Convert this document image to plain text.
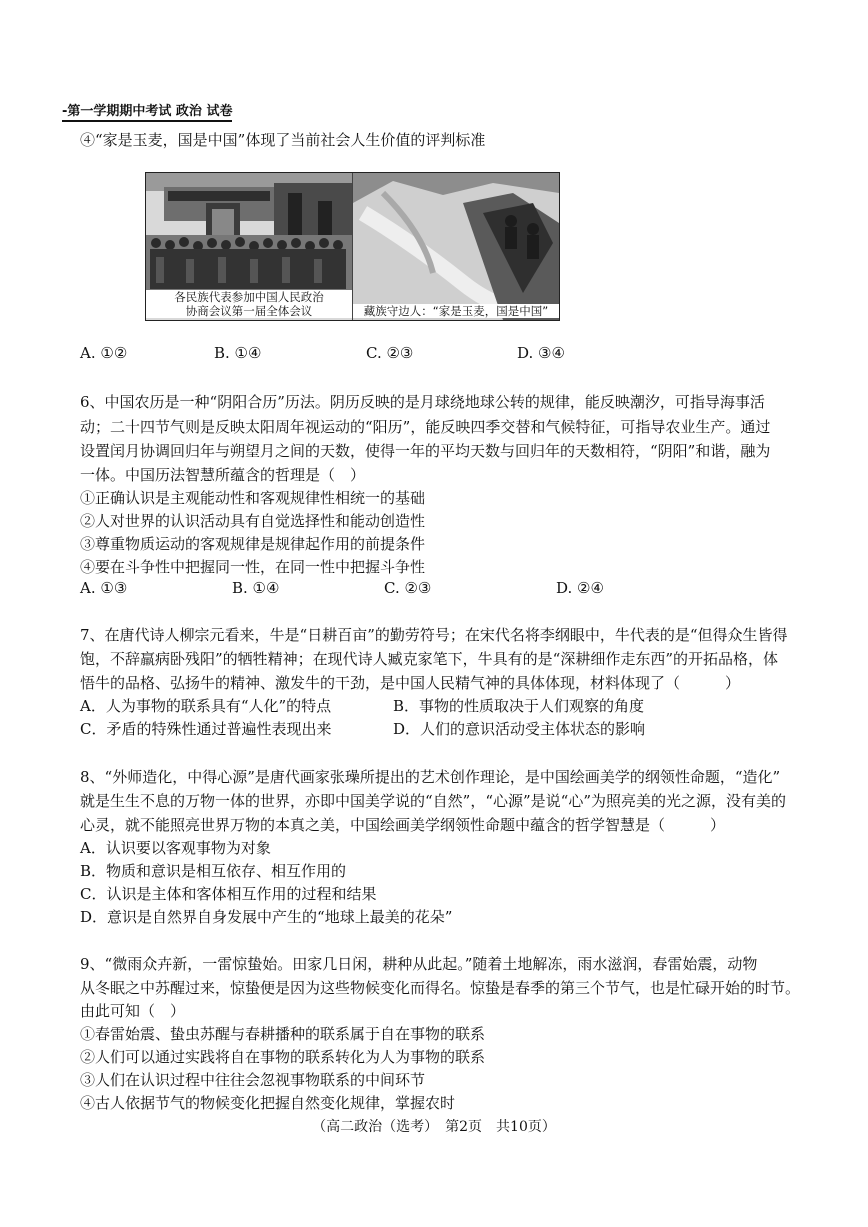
-第一学期期中考试 政治 试卷
④“家是玉麦，国是中国”体现了当前社会人生价值的评判标准
各民族代表参加中国人民政治
协商会议第一届全体会议	藏族守边人：“家是玉麦，国是中国”
A. ①②	B. ①④	C. ②③	D. ③④
6、中国农历是一种“阴阳合历”历法。阴历反映的是月球绕地球公转的规律，能反映潮汐，可指导海事活
动；二十四节气则是反映太阳周年视运动的“阳历”，能反映四季交替和气候特征，可指导农业生产。通过
设置闰月协调回归年与朔望月之间的天数，使得一年的平均天数与回归年的天数相符，“阴阳”和谐，融为
一体。中国历法智慧所蕴含的哲理是（　）
①正确认识是主观能动性和客观规律性相统一的基础
②人对世界的认识活动具有自觉选择性和能动创造性
③尊重物质运动的客观规律是规律起作用的前提条件
④要在斗争性中把握同一性，在同一性中把握斗争性
A. ①③	B. ①④	C. ②③	D. ②④
7、在唐代诗人柳宗元看来，牛是“日耕百亩”的勤劳符号；在宋代名将李纲眼中，牛代表的是“但得众生皆得
饱，不辞羸病卧残阳”的牺牲精神；在现代诗人臧克家笔下，牛具有的是“深耕细作走东西”的开拓品格，体
悟牛的品格、弘扬牛的精神、激发牛的干劲，是中国人民精气神的具体体现，材料体现了（　　　）
A．人为事物的联系具有“人化”的特点	B．事物的性质取决于人们观察的角度
C．矛盾的特殊性通过普遍性表现出来	D．人们的意识活动受主体状态的影响
8、“外师造化，中得心源”是唐代画家张璪所提出的艺术创作理论，是中国绘画美学的纲领性命题，“造化”
就是生生不息的万物一体的世界，亦即中国美学说的“自然”，“心源”是说“心”为照亮美的光之源，没有美的
心灵，就不能照亮世界万物的本真之美，中国绘画美学纲领性命题中蕴含的哲学智慧是（　　　）
A．认识要以客观事物为对象
B．物质和意识是相互依存、相互作用的
C．认识是主体和客体相互作用的过程和结果
D．意识是自然界自身发展中产生的“地球上最美的花朵”
9、“微雨众卉新，一雷惊蛰始。田家几日闲，耕种从此起。”随着土地解冻，雨水滋润，春雷始震，动物
从冬眠之中苏醒过来，惊蛰便是因为这些物候变化而得名。惊蛰是春季的第三个节气，也是忙碌开始的时节。
由此可知（　）
①春雷始震、蛰虫苏醒与春耕播种的联系属于自在事物的联系
②人们可以通过实践将自在事物的联系转化为人为事物的联系
③人们在认识过程中往往会忽视事物联系的中间环节
④古人依据节气的物候变化把握自然变化规律，掌握农时
（高二政治（选考）　第2页　共10页）
